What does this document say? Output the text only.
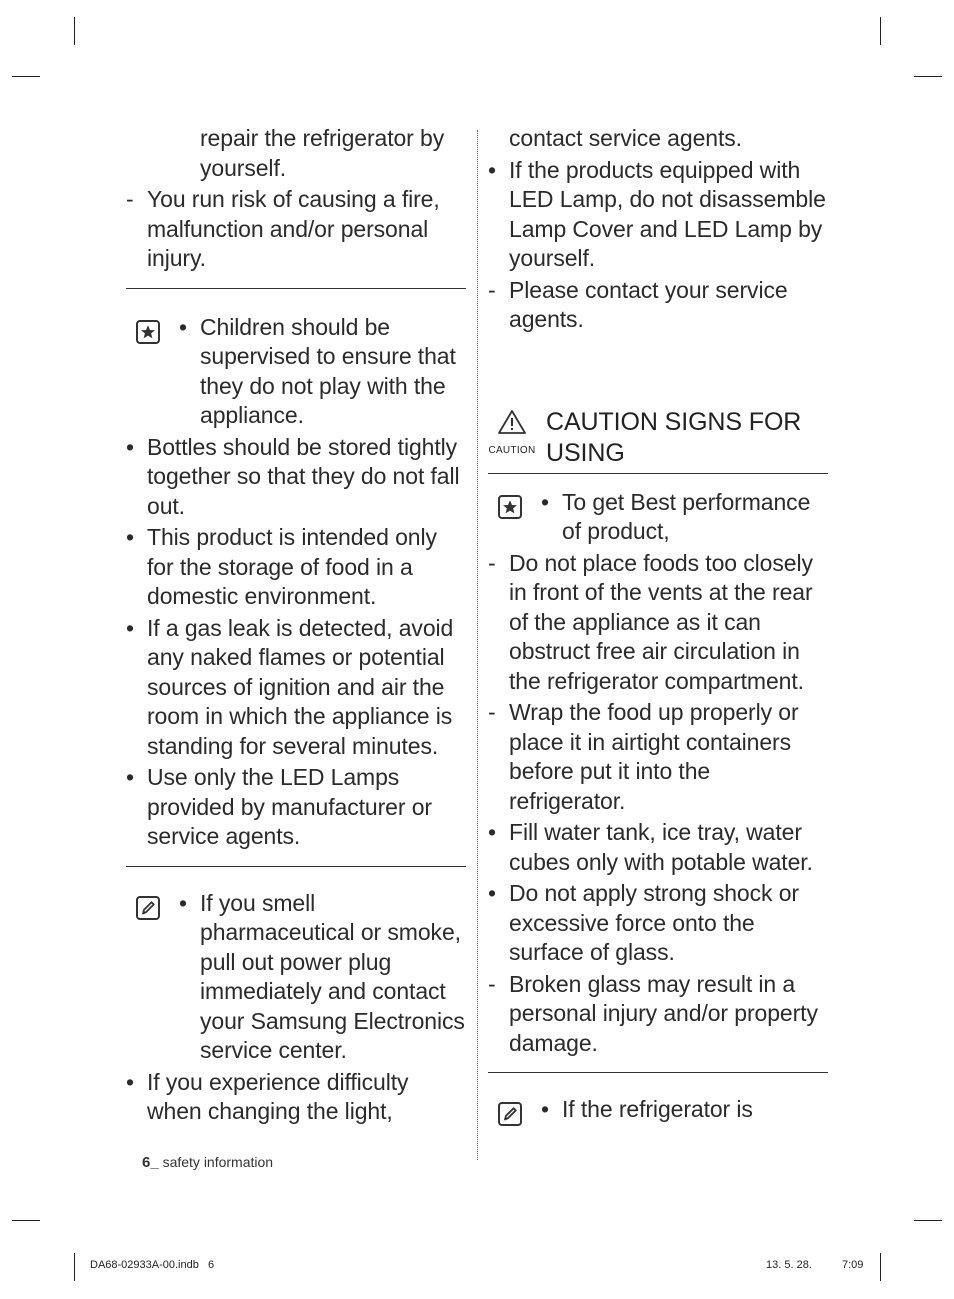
repair the refrigerator by yourself.
- You run risk of causing a fire, malfunction and/or personal injury.
• Children should be supervised to ensure that they do not play with the appliance.
• Bottles should be stored tightly together so that they do not fall out.
• This product is intended only for the storage of food in a domestic environment.
• If a gas leak is detected, avoid any naked flames or potential sources of ignition and air the room in which the appliance is standing for several minutes.
• Use only the LED Lamps provided by manufacturer or service agents.
• If you smell pharmaceutical or smoke, pull out power plug immediately and contact your Samsung Electronics service center.
• If you experience difficulty when changing the light,
contact service agents.
• If the products equipped with LED Lamp, do not disassemble Lamp Cover and LED Lamp by yourself.
- Please contact your service agents.
CAUTION
CAUTION SIGNS FOR USING
• To get Best performance of product,
- Do not place foods too closely in front of the vents at the rear of the appliance as it can obstruct free air circulation in the refrigerator compartment.
- Wrap the food up properly or place it in airtight containers before put it into the refrigerator.
• Fill water tank, ice tray, water cubes only with potable water.
• Do not apply strong shock or excessive force onto the surface of glass.
- Broken glass may result in a personal injury and/or property damage.
• If the refrigerator is
6_ safety information
DA68-02933A-00.indb   6	13. 5. 28.	7:09
